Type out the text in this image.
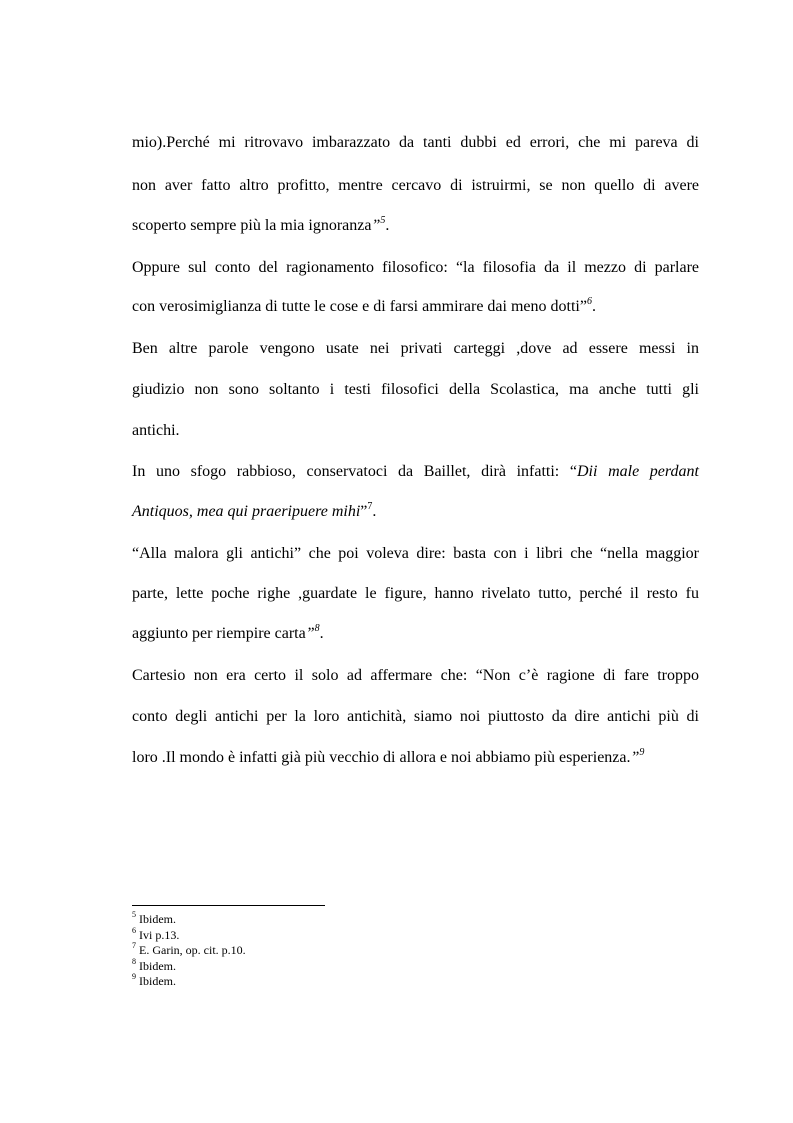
mio).Perché mi ritrovavo imbarazzato da tanti dubbi ed errori, che mi pareva di
non aver fatto altro profitto, mentre cercavo di istruirmi, se non quello di avere
scoperto sempre più la mia ignoranza”$^5$.
Oppure sul conto del ragionamento filosofico: “la filosofia da il mezzo di parlare
con verosimiglianza di tutte le cose e di farsi ammirare dai meno dotti”$^6$.
Ben altre parole vengono usate nei privati carteggi ,dove ad essere messi in
giudizio non sono soltanto i testi filosofici della Scolastica, ma anche tutti gli
antichi.
In uno sfogo rabbioso, conservatoci da Baillet, dirà infatti: “Dii male perdant
Antiquos, mea qui praeripuere mihi”$^7$.
“Alla malora gli antichi” che poi voleva dire: basta con i libri che “nella maggior
parte, lette poche righe ,guardate le figure, hanno rivelato tutto, perché il resto fu
aggiunto per riempire carta”$^8$.
Cartesio non era certo il solo ad affermare che: “Non c’è ragione di fare troppo
conto degli antichi per la loro antichità, siamo noi piuttosto da dire antichi più di
loro .Il mondo è infatti già più vecchio di allora e noi abbiamo più esperienza.”$^9$
$^5$ Ibidem.
$^6$ Ivi p.13.
$^7$ E. Garin, op. cit. p.10.
$^8$ Ibidem.
$^9$ Ibidem.
